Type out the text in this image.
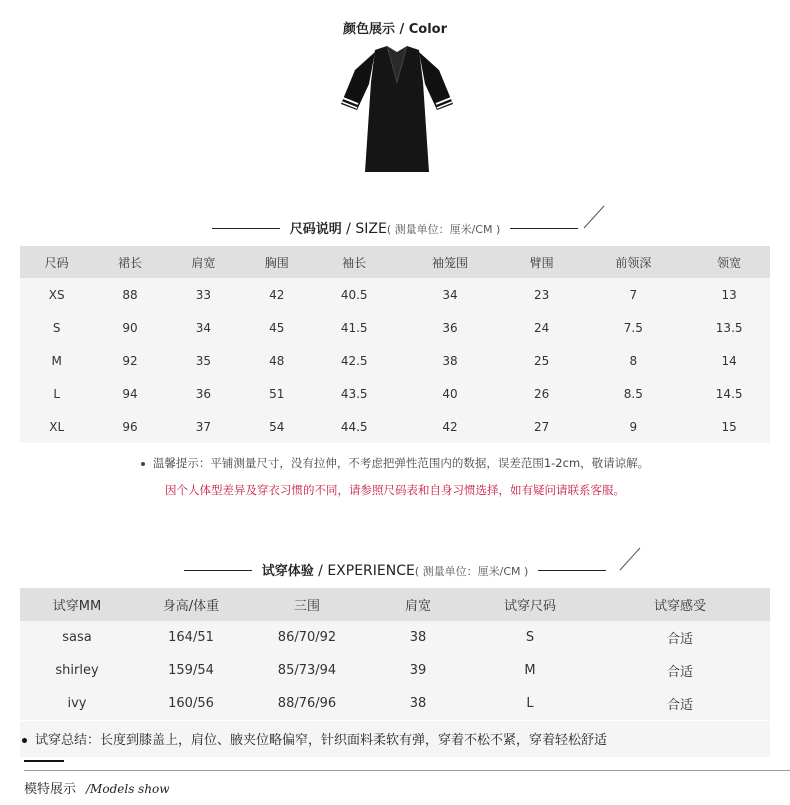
颜色展示 / Color
尺码说明 / SIZE( 测量单位：厘米/CM )
尺码	裙长	肩宽	胸围	袖长	袖笼围	臂围	前领深	领宽
XS	88	33	42	40.5	34	23	7	13
S	90	34	45	41.5	36	24	7.5	13.5
M	92	35	48	42.5	38	25	8	14
L	94	36	51	43.5	40	26	8.5	14.5
XL	96	37	54	44.5	42	27	9	15
温馨提示：平铺测量尺寸，没有拉伸，不考虑把弹性范围内的数据，误差范围1-2cm，敬请谅解。
因个人体型差异及穿衣习惯的不同，请参照尺码表和自身习惯选择，如有疑问请联系客服。
试穿体验 / EXPERIENCE( 测量单位：厘米/CM )
试穿MM	身高/体重	三围	肩宽	试穿尺码	试穿感受
sasa	164/51	86/70/92	38	S	合适
shirley	159/54	85/73/94	39	M	合适
ivy	160/56	88/76/96	38	L	合适
试穿总结：长度到膝盖上，肩位、腋夹位略偏窄，针织面料柔软有弹，穿着不松不紧，穿着轻松舒适
模特展示 /Models show
